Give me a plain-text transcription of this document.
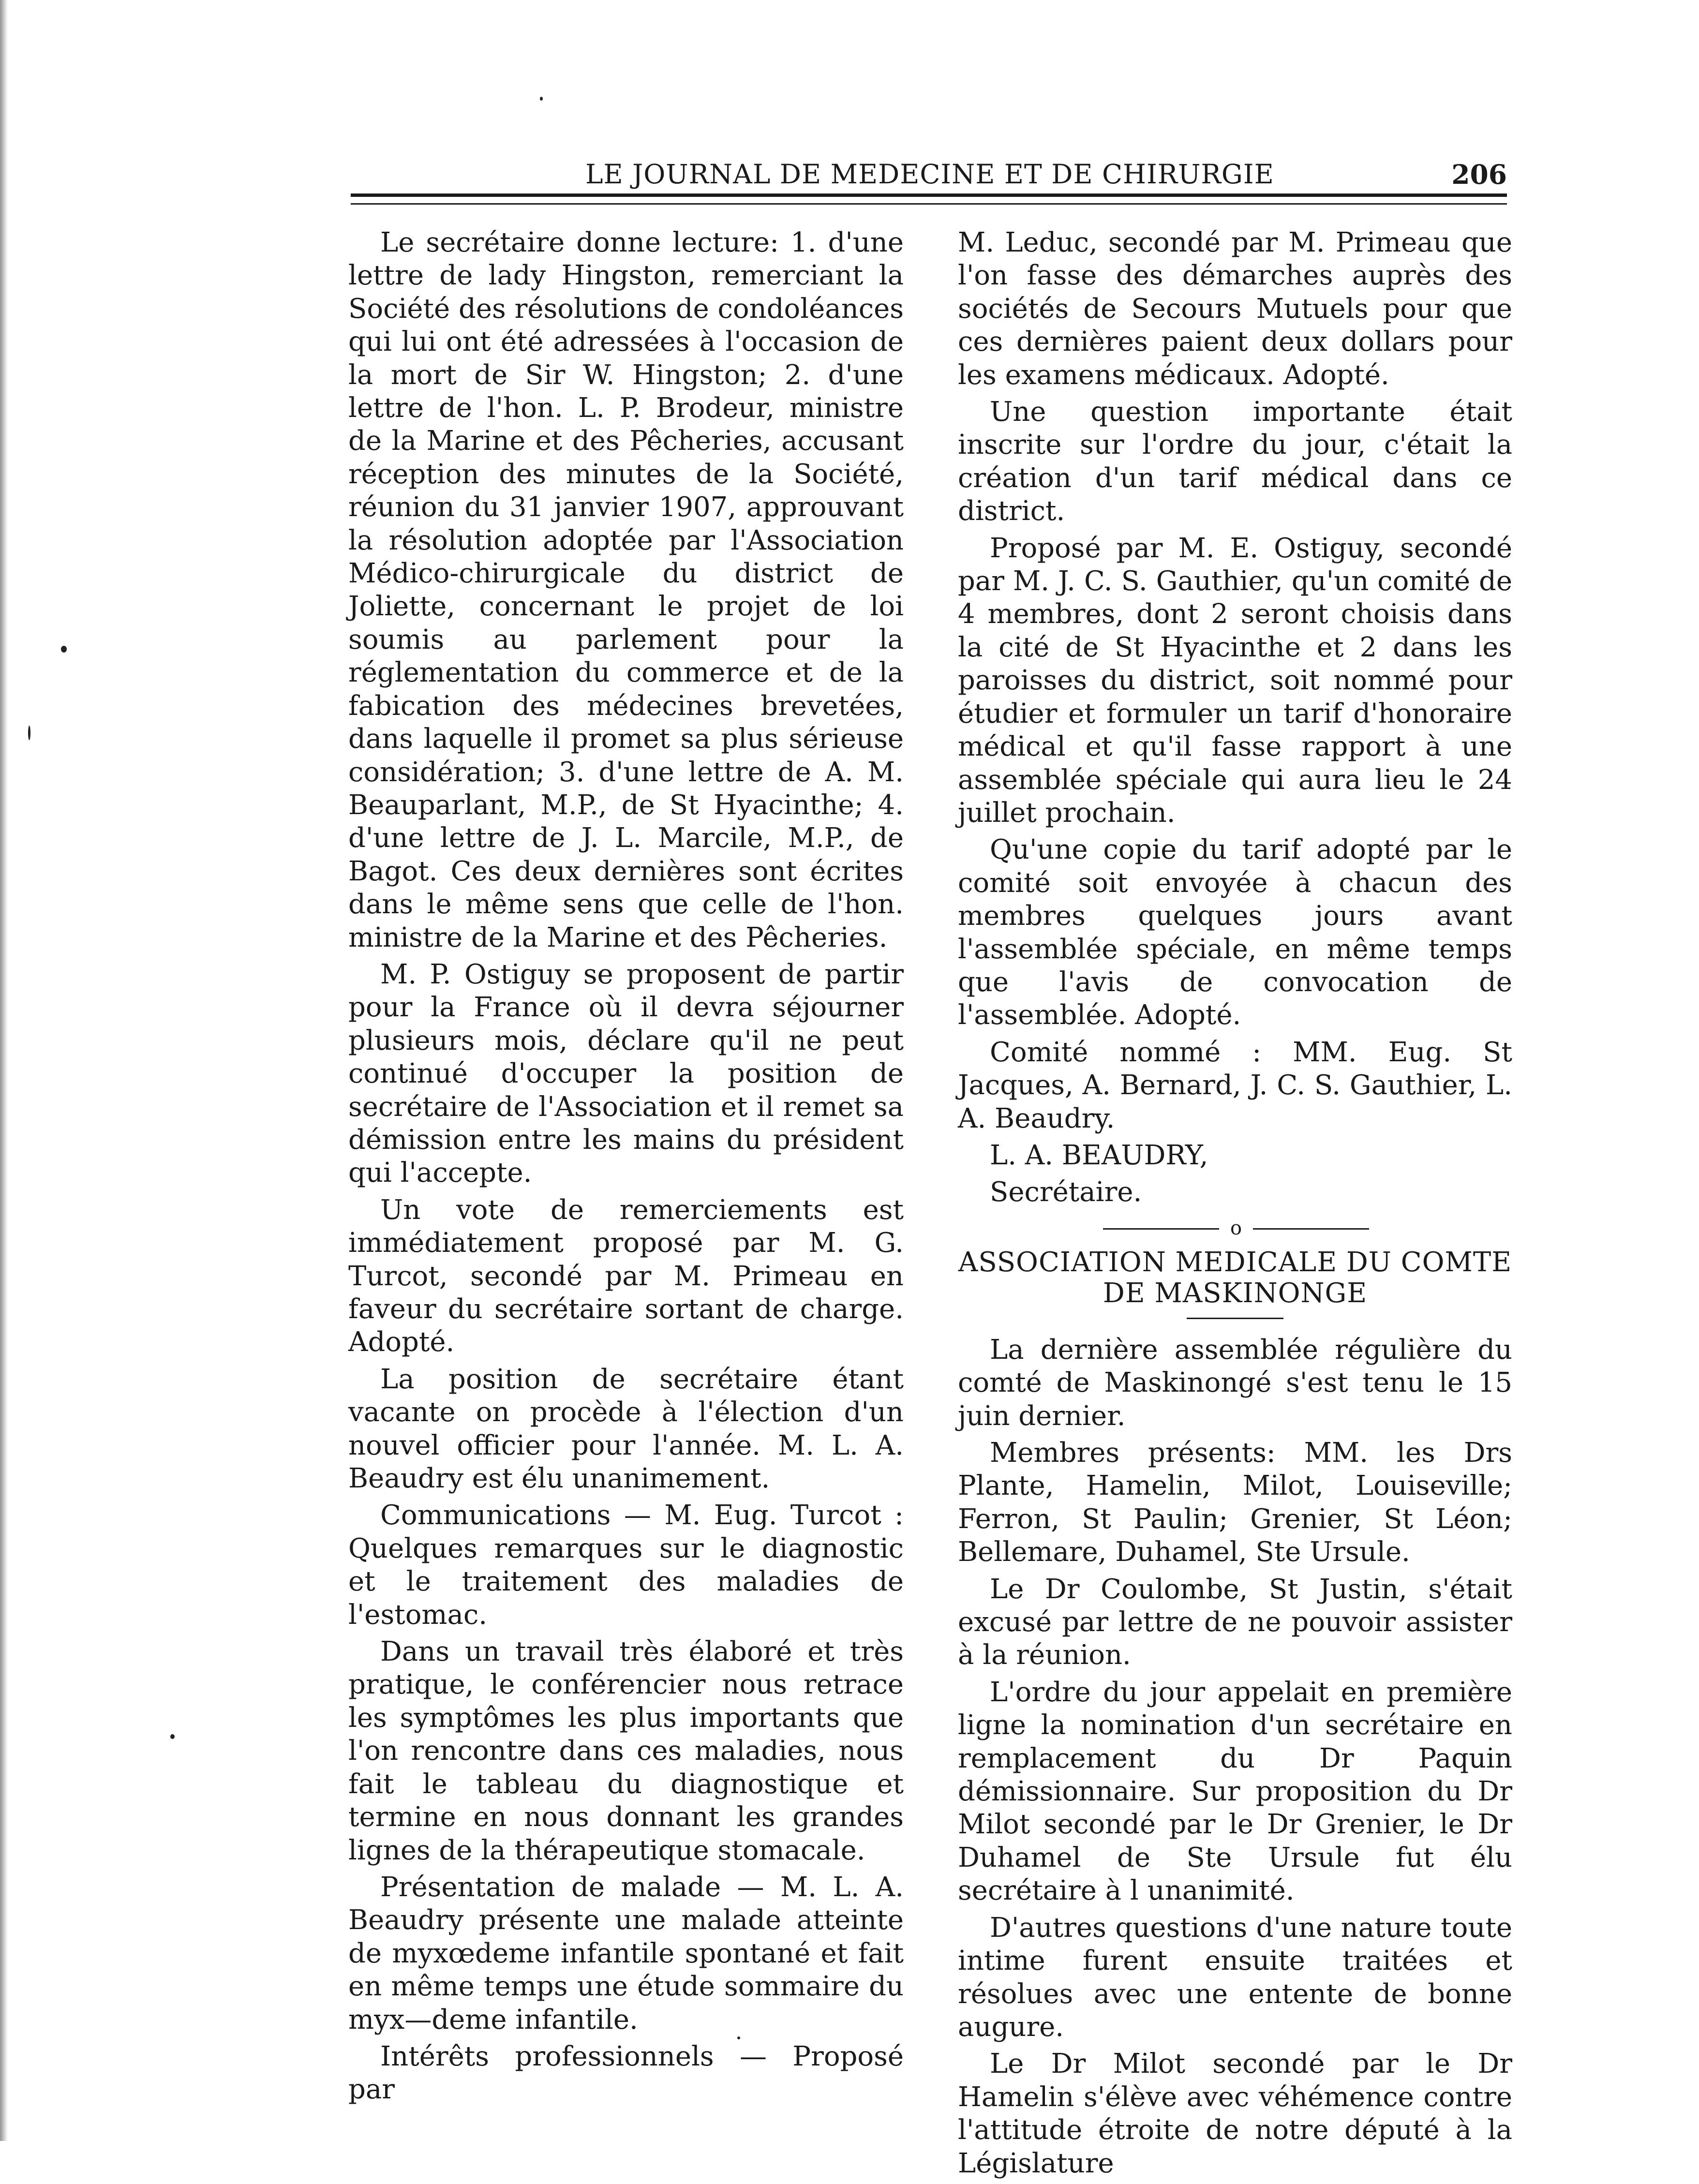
LE JOURNAL DE MEDECINE ET DE CHIRURGIE	206

Le secrétaire donne lecture: 1. d'une lettre de lady Hingston, remerciant la Société des résolutions de condoléances qui lui ont été adressées à l'occasion de la mort de Sir W. Hingston; 2. d'une lettre de l'hon. L. P. Brodeur, ministre de la Marine et des Pêcheries, accusant réception des minutes de la Société, réunion du 31 janvier 1907, approuvant la résolution adoptée par l'Association Médico-chirurgicale du district de Joliette, concernant le projet de loi soumis au parlement pour la réglementation du commerce et de la fabication des médecines brevetées, dans laquelle il promet sa plus sérieuse considération; 3. d'une lettre de A. M. Beauparlant, M.P., de St Hyacinthe; 4. d'une lettre de J. L. Marcile, M.P., de Bagot. Ces deux dernières sont écrites dans le même sens que celle de l'hon. ministre de la Marine et des Pêcheries.

M. P. Ostiguy se proposent de partir pour la France où il devra séjourner plusieurs mois, déclare qu'il ne peut continué d'occuper la position de secrétaire de l'Association et il remet sa démission entre les mains du président qui l'accepte.

Un vote de remerciements est immédiatement proposé par M. G. Turcot, secondé par M. Primeau en faveur du secrétaire sortant de charge. Adopté.

La position de secrétaire étant vacante on procède à l'élection d'un nouvel officier pour l'année. M. L. A. Beaudry est élu unanimement.

Communications — M. Eug. Turcot : Quelques remarques sur le diagnostic et le traitement des maladies de l'estomac.

Dans un travail très élaboré et très pratique, le conférencier nous retrace les symptômes les plus importants que l'on rencontre dans ces maladies, nous fait le tableau du diagnostique et termine en nous donnant les grandes lignes de la thérapeutique stomacale.

Présentation de malade — M. L. A. Beaudry présente une malade atteinte de myxœdeme infantile spontané et fait en même temps une étude sommaire du myx—deme infantile.

Intérêts professionnels — Proposé par

M. Leduc, secondé par M. Primeau que l'on fasse des démarches auprès des sociétés de Secours Mutuels pour que ces dernières paient deux dollars pour les examens médicaux. Adopté.

Une question importante était inscrite sur l'ordre du jour, c'était la création d'un tarif médical dans ce district.

Proposé par M. E. Ostiguy, secondé par M. J. C. S. Gauthier, qu'un comité de 4 membres, dont 2 seront choisis dans la cité de St Hyacinthe et 2 dans les paroisses du district, soit nommé pour étudier et formuler un tarif d'honoraire médical et qu'il fasse rapport à une assemblée spéciale qui aura lieu le 24 juillet prochain.

Qu'une copie du tarif adopté par le comité soit envoyée à chacun des membres quelques jours avant l'assemblée spéciale, en même temps que l'avis de convocation de l'assemblée. Adopté.

Comité nommé : MM. Eug. St Jacques, A. Bernard, J. C. S. Gauthier, L. A. Beaudry.

L. A. BEAUDRY,

Secrétaire.

o
ASSOCIATION MEDICALE DU COMTE
DE MASKINONGE

La dernière assemblée régulière du comté de Maskinongé s'est tenu le 15 juin dernier.

Membres présents: MM. les Drs Plante, Hamelin, Milot, Louiseville; Ferron, St Paulin; Grenier, St Léon; Bellemare, Duhamel, Ste Ursule.

Le Dr Coulombe, St Justin, s'était excusé par lettre de ne pouvoir assister à la réunion.

L'ordre du jour appelait en première ligne la nomination d'un secrétaire en remplacement du Dr Paquin démissionnaire. Sur proposition du Dr Milot secondé par le Dr Grenier, le Dr Duhamel de Ste Ursule fut élu secrétaire à l unanimité.

D'autres questions d'une nature toute intime furent ensuite traitées et résolues avec une entente de bonne augure.

Le Dr Milot secondé par le Dr Hamelin s'élève avec véhémence contre l'attitude étroite de notre député à la Législature
